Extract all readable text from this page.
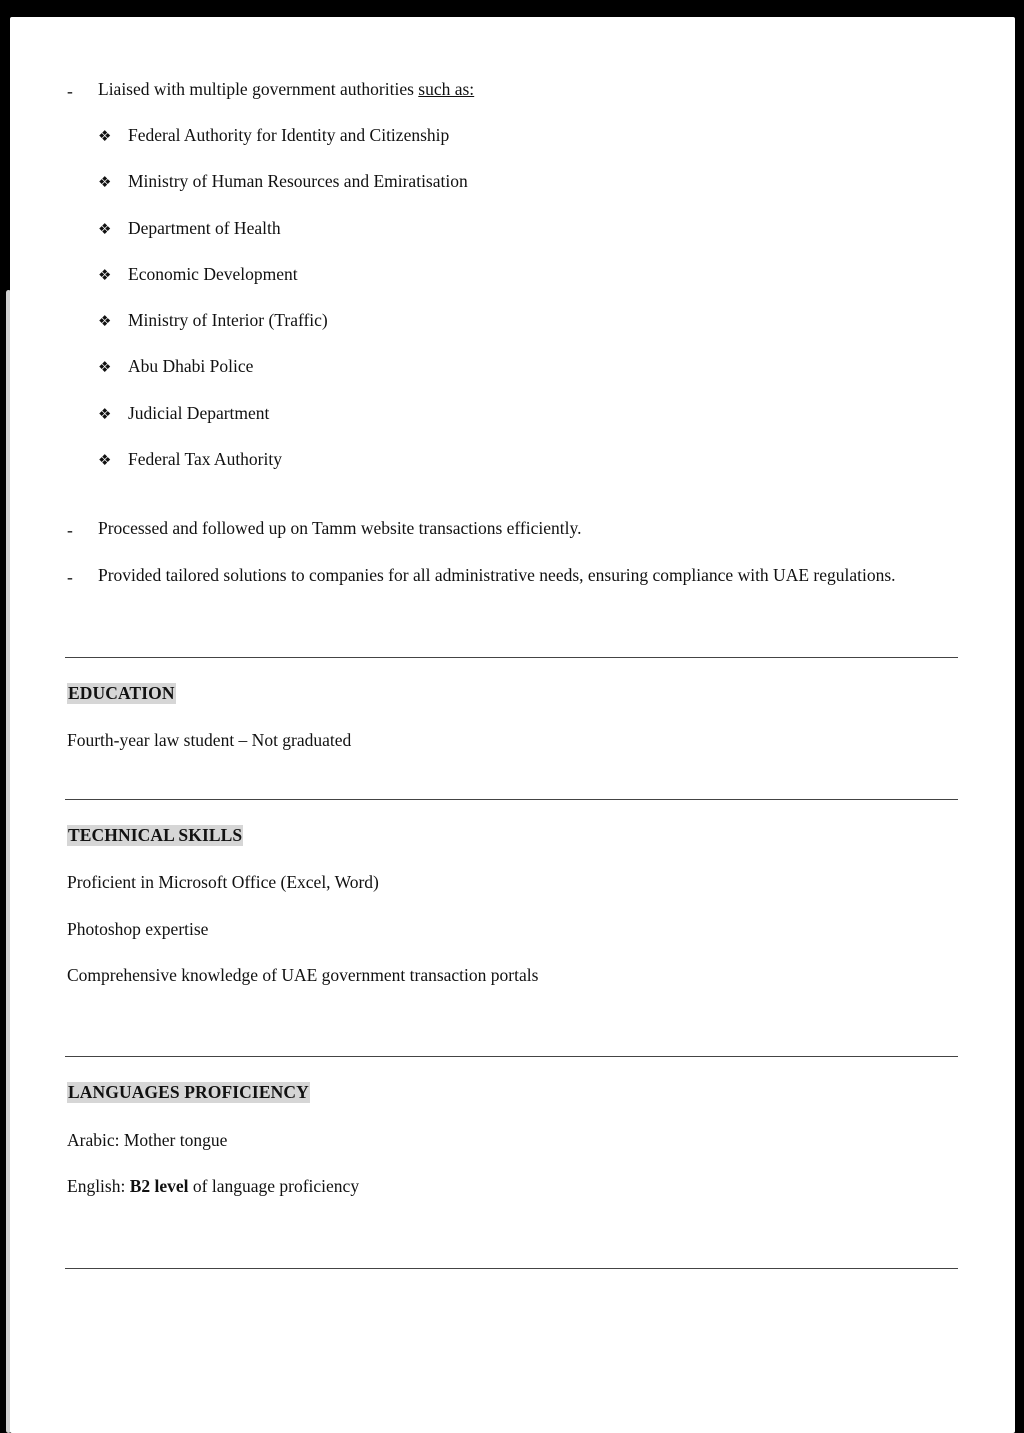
- Liaised with multiple government authorities such as:
❖ Federal Authority for Identity and Citizenship
❖ Ministry of Human Resources and Emiratisation
❖ Department of Health
❖ Economic Development
❖ Ministry of Interior (Traffic)
❖ Abu Dhabi Police
❖ Judicial Department
❖ Federal Tax Authority
- Processed and followed up on Tamm website transactions efficiently.
- Provided tailored solutions to companies for all administrative needs, ensuring compliance with UAE regulations.
EDUCATION
Fourth-year law student – Not graduated
TECHNICAL SKILLS
Proficient in Microsoft Office (Excel, Word)
Photoshop expertise
Comprehensive knowledge of UAE government transaction portals
LANGUAGES PROFICIENCY
Arabic: Mother tongue
English: B2 level of language proficiency
